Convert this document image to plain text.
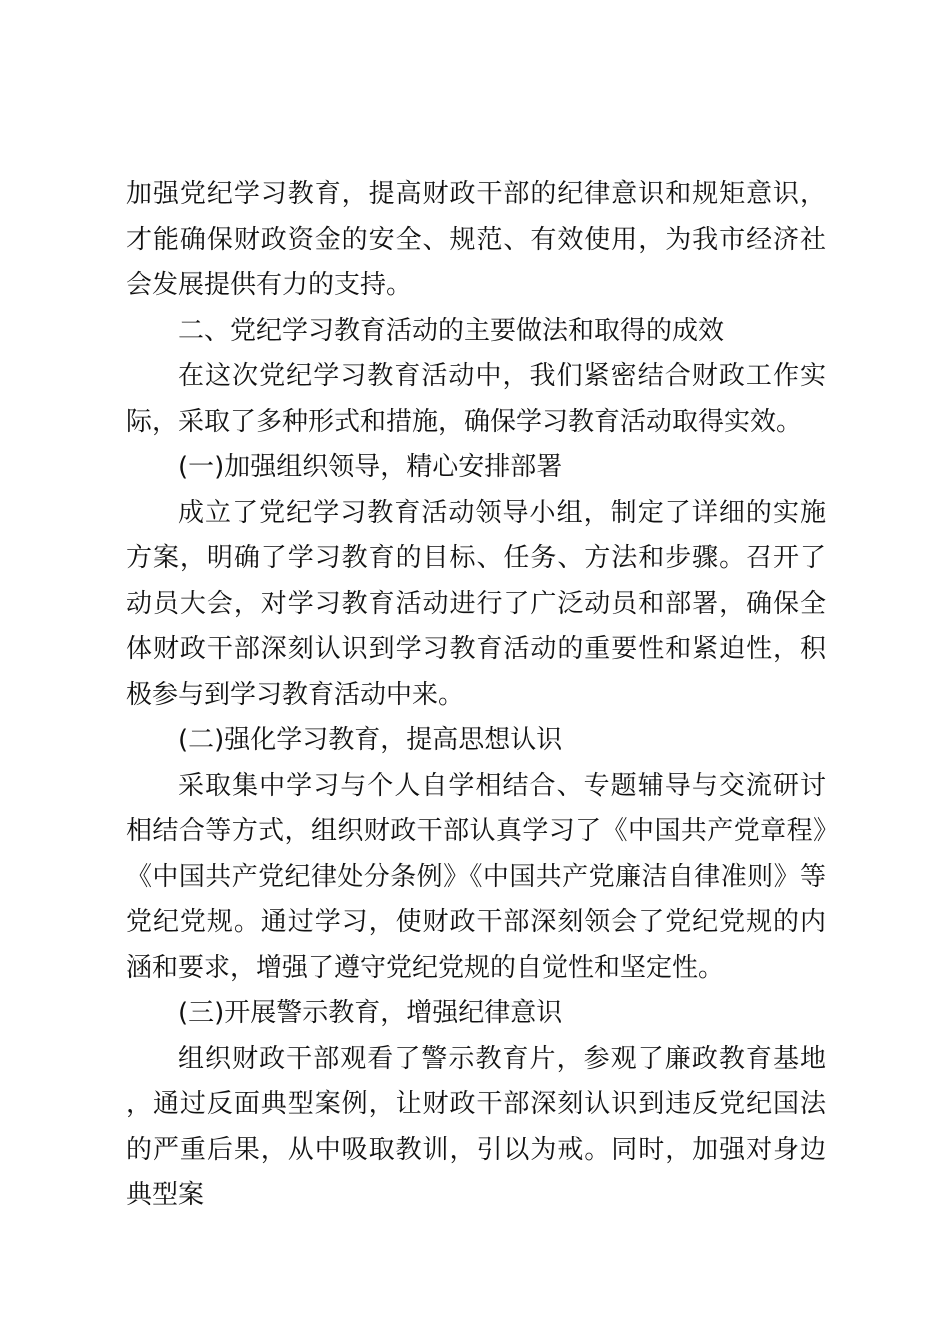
加强党纪学习教育，提高财政干部的纪律意识和规矩意识，才能确保财政资金的安全、规范、有效使用，为我市经济社会发展提供有力的支持。

二、党纪学习教育活动的主要做法和取得的成效

在这次党纪学习教育活动中，我们紧密结合财政工作实际，采取了多种形式和措施，确保学习教育活动取得实效。

(一)加强组织领导，精心安排部署

成立了党纪学习教育活动领导小组，制定了详细的实施方案，明确了学习教育的目标、任务、方法和步骤。召开了动员大会，对学习教育活动进行了广泛动员和部署，确保全体财政干部深刻认识到学习教育活动的重要性和紧迫性，积极参与到学习教育活动中来。

(二)强化学习教育，提高思想认识

采取集中学习与个人自学相结合、专题辅导与交流研讨相结合等方式，组织财政干部认真学习了《中国共产党章程》《中国共产党纪律处分条例》《中国共产党廉洁自律准则》等党纪党规。通过学习，使财政干部深刻领会了党纪党规的内涵和要求，增强了遵守党纪党规的自觉性和坚定性。

(三)开展警示教育，增强纪律意识

组织财政干部观看了警示教育片，参观了廉政教育基地，通过反面典型案例，让财政干部深刻认识到违反党纪国法的严重后果，从中吸取教训，引以为戒。同时，加强对身边典型案
